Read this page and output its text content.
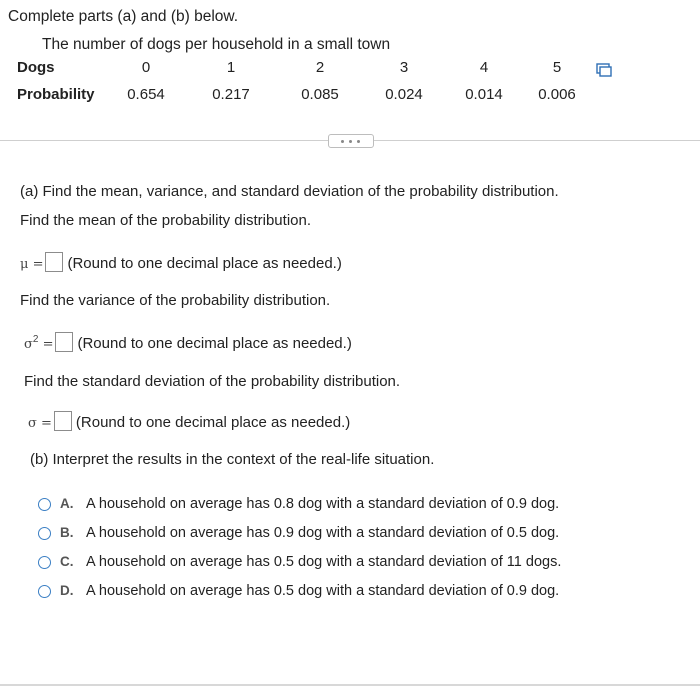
Complete parts (a) and (b) below.
The number of dogs per household in a small town
Dogs	0	1	2	3	4	5
Probability	0.654	0.217	0.085	0.024	0.014	0.006
(a) Find the mean, variance, and standard deviation of the probability distribution.
Find the mean of the probability distribution.
μ = (Round to one decimal place as needed.)
Find the variance of the probability distribution.
$\sigma^2$ = (Round to one decimal place as needed.)
Find the standard deviation of the probability distribution.
σ = (Round to one decimal place as needed.)
(b) Interpret the results in the context of the real-life situation.
A. A household on average has 0.8 dog with a standard deviation of 0.9 dog.
B. A household on average has 0.9 dog with a standard deviation of 0.5 dog.
C. A household on average has 0.5 dog with a standard deviation of 11 dogs.
D. A household on average has 0.5 dog with a standard deviation of 0.9 dog.
